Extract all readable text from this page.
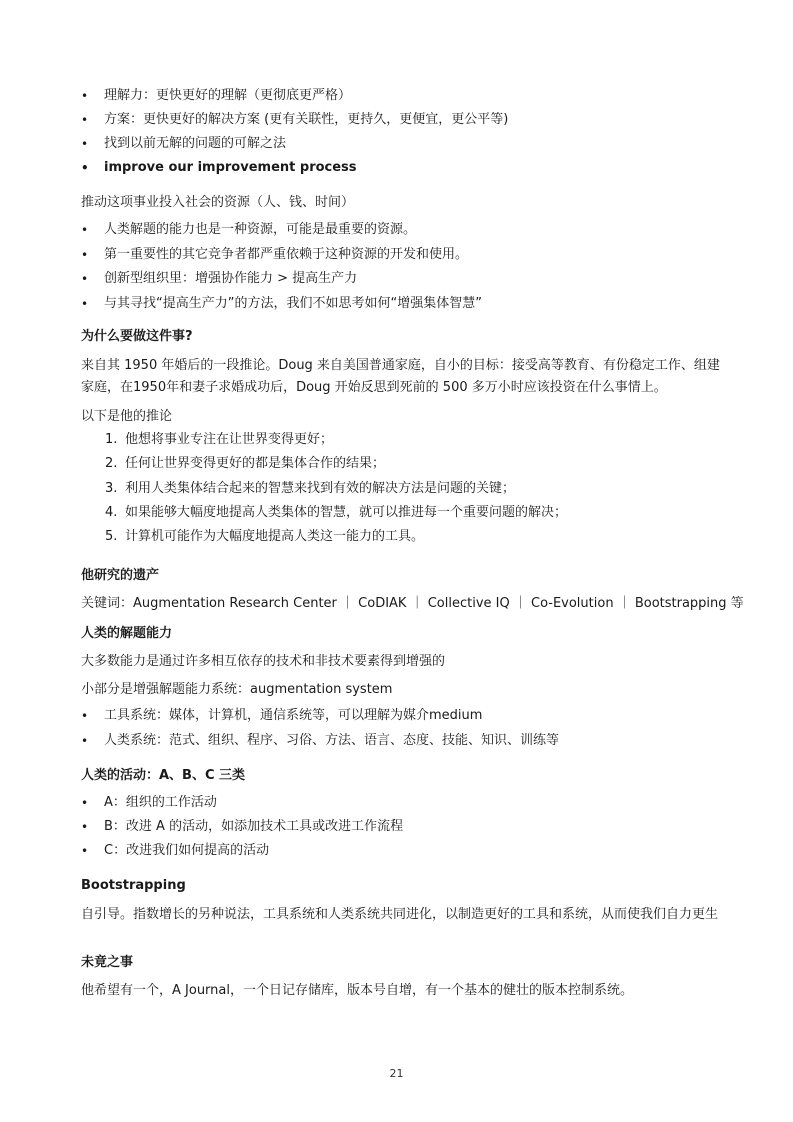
理解力：更快更好的理解（更彻底更严格）
方案：更快更好的解决方案 (更有关联性，更持久，更便宜，更公平等)
找到以前无解的问题的可解之法
improve our improvement process
推动这项事业投入社会的资源（人、钱、时间）
人类解题的能力也是一种资源，可能是最重要的资源。
第一重要性的其它竞争者都严重依赖于这种资源的开发和使用。
创新型组织里：增强协作能力 > 提高生产力
与其寻找“提高生产力”的方法，我们不如思考如何“增强集体智慧”
为什么要做这件事?
来自其 1950 年婚后的一段推论。Doug 来自美国普通家庭，自小的目标：接受高等教育、有份稳定工作、组建家庭，在1950年和妻子求婚成功后，Doug 开始反思到死前的 500 多万小时应该投资在什么事情上。
以下是他的推论
1. 他想将事业专注在让世界变得更好；
2. 任何让世界变得更好的都是集体合作的结果；
3. 利用人类集体结合起来的智慧来找到有效的解决方法是问题的关键；
4. 如果能够大幅度地提高人类集体的智慧，就可以推进每一个重要问题的解决；
5. 计算机可能作为大幅度地提高人类这一能力的工具。
他研究的遗产
关键词：Augmentation Research Center ｜ CoDIAK ｜ Collective IQ ｜ Co-Evolution ｜ Bootstrapping 等
人类的解题能力
大多数能力是通过许多相互依存的技术和非技术要素得到增强的
小部分是增强解题能力系统：augmentation system
工具系统：媒体，计算机，通信系统等，可以理解为媒介medium
人类系统：范式、组织、程序、习俗、方法、语言、态度、技能、知识、训练等
人类的活动：A、B、C 三类
A：组织的工作活动
B：改进 A 的活动，如添加技术工具或改进工作流程
C：改进我们如何提高的活动
Bootstrapping
自引导。指数增长的另种说法，工具系统和人类系统共同进化，以制造更好的工具和系统，从而使我们自力更生
未竟之事
他希望有一个，A Journal，一个日记存储库，版本号自增，有一个基本的健壮的版本控制系统。
21
